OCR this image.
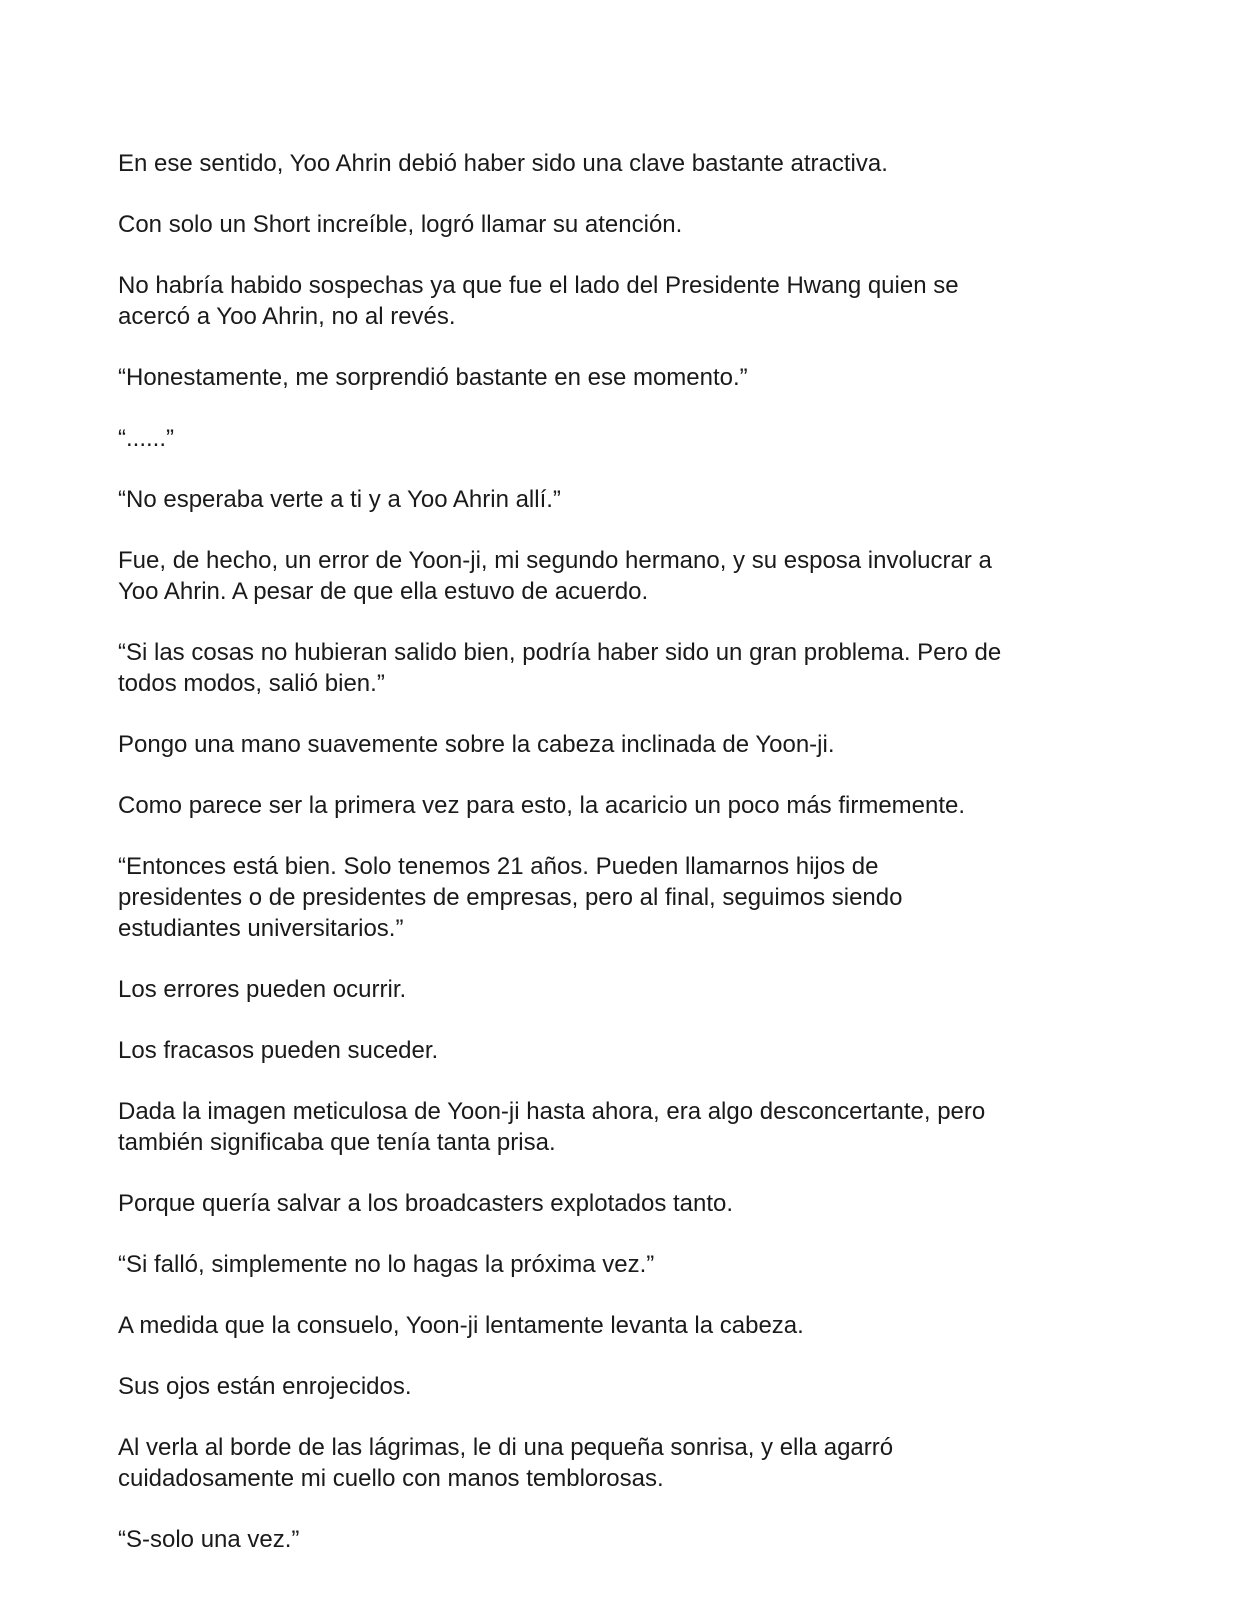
En ese sentido, Yoo Ahrin debió haber sido una clave bastante atractiva.

Con solo un Short increíble, logró llamar su atención.

No habría habido sospechas ya que fue el lado del Presidente Hwang quien se
acercó a Yoo Ahrin, no al revés.

“Honestamente, me sorprendió bastante en ese momento.”

“......”

“No esperaba verte a ti y a Yoo Ahrin allí.”

Fue, de hecho, un error de Yoon-ji, mi segundo hermano, y su esposa involucrar a
Yoo Ahrin. A pesar de que ella estuvo de acuerdo.

“Si las cosas no hubieran salido bien, podría haber sido un gran problema. Pero de
todos modos, salió bien.”

Pongo una mano suavemente sobre la cabeza inclinada de Yoon-ji.

Como parece ser la primera vez para esto, la acaricio un poco más firmemente.

“Entonces está bien. Solo tenemos 21 años. Pueden llamarnos hijos de
presidentes o de presidentes de empresas, pero al final, seguimos siendo
estudiantes universitarios.”

Los errores pueden ocurrir.

Los fracasos pueden suceder.

Dada la imagen meticulosa de Yoon-ji hasta ahora, era algo desconcertante, pero
también significaba que tenía tanta prisa.

Porque quería salvar a los broadcasters explotados tanto.

“Si falló, simplemente no lo hagas la próxima vez.”

A medida que la consuelo, Yoon-ji lentamente levanta la cabeza.

Sus ojos están enrojecidos.

Al verla al borde de las lágrimas, le di una pequeña sonrisa, y ella agarró
cuidadosamente mi cuello con manos temblorosas.

“S-solo una vez.”
